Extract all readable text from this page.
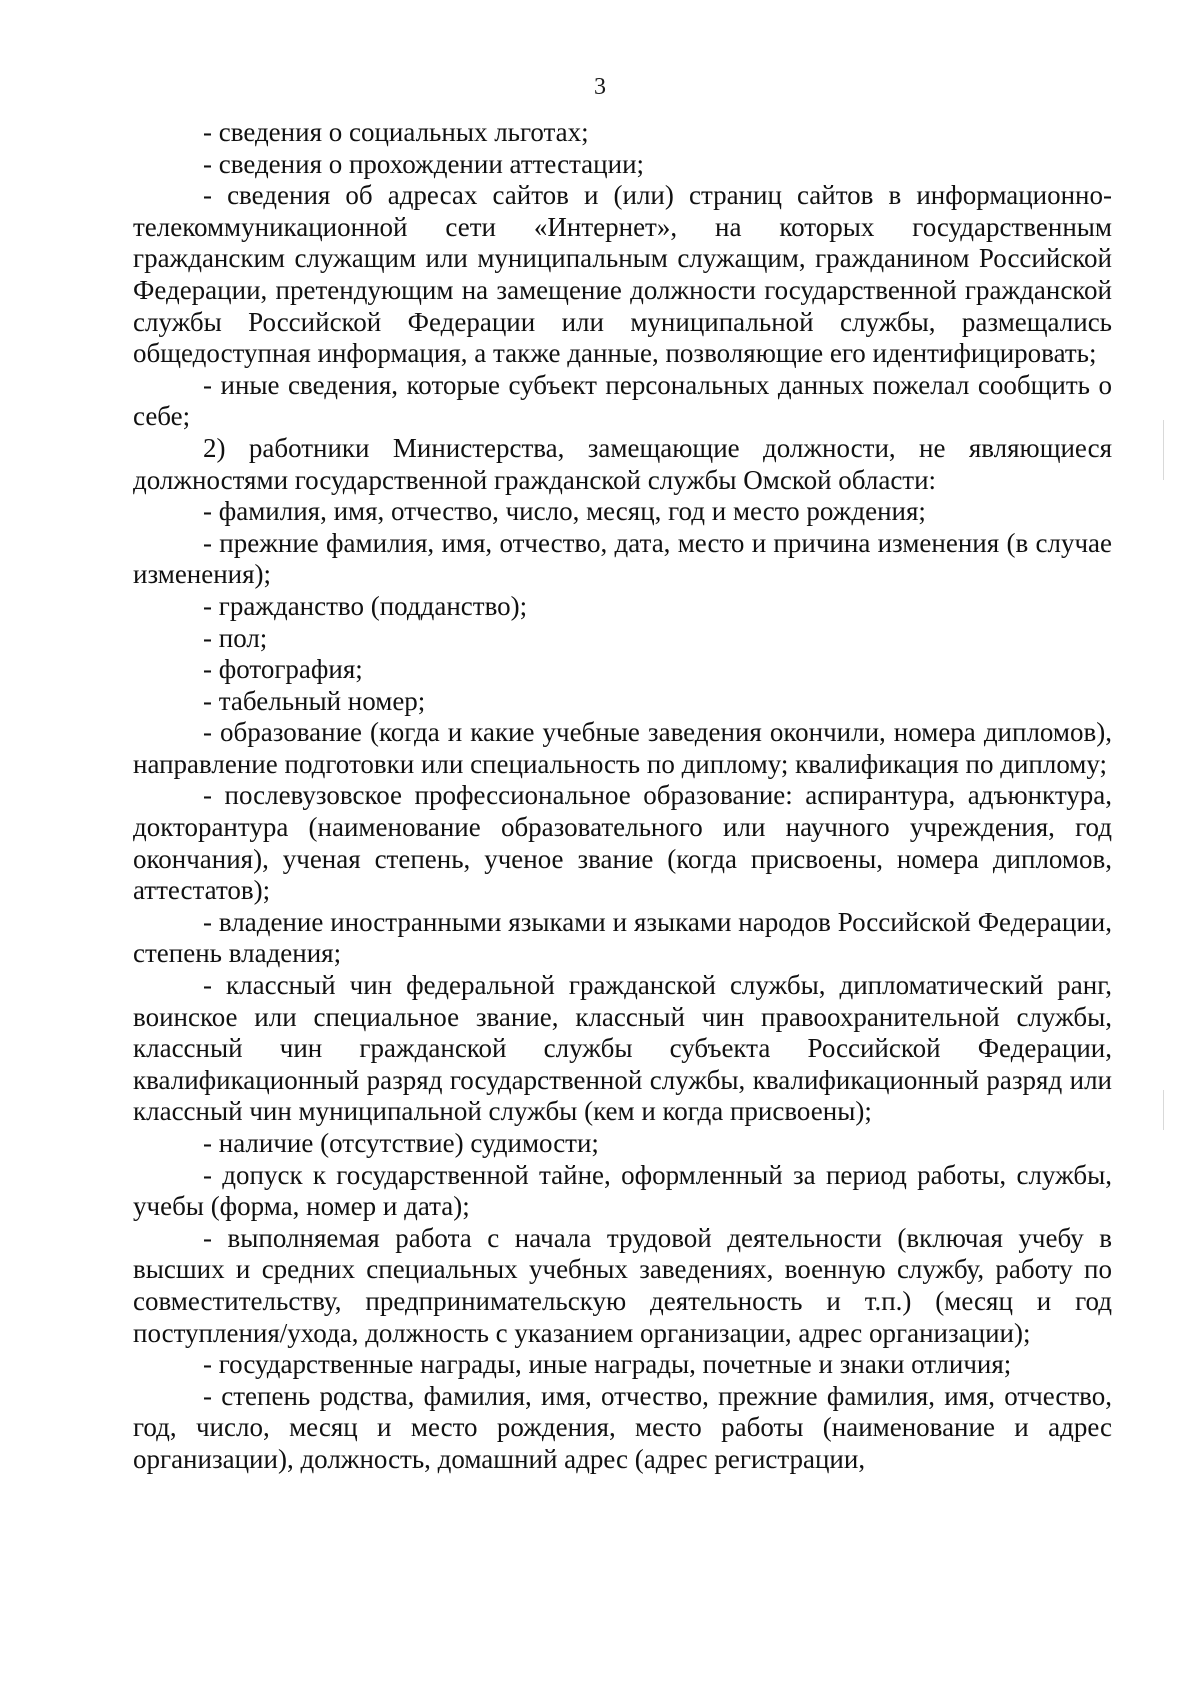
3

- сведения о социальных льготах;

- сведения о прохождении аттестации;

- сведения об адресах сайтов и (или) страниц сайтов в информационно-телекоммуникационной сети «Интернет», на которых государственным гражданским служащим или муниципальным служащим, гражданином Российской Федерации, претендующим на замещение должности государственной гражданской службы Российской Федерации или муниципальной службы, размещались общедоступная информация, а также данные, позволяющие его идентифицировать;

- иные сведения, которые субъект персональных данных пожелал сообщить о себе;

2) работники Министерства, замещающие должности, не являющиеся должностями государственной гражданской службы Омской области:

- фамилия, имя, отчество, число, месяц, год и место рождения;

- прежние фамилия, имя, отчество, дата, место и причина изменения (в случае изменения);

- гражданство (подданство);

- пол;

- фотография;

- табельный номер;

- образование (когда и какие учебные заведения окончили, номера дипломов), направление подготовки или специальность по диплому; квалификация по диплому;

- послевузовское профессиональное образование: аспирантура, адъюнктура, докторантура (наименование образовательного или научного учреждения, год окончания), ученая степень, ученое звание (когда присвоены, номера дипломов, аттестатов);

- владение иностранными языками и языками народов Российской Федерации, степень владения;

- классный чин федеральной гражданской службы, дипломатический ранг, воинское или специальное звание, классный чин правоохранительной службы, классный чин гражданской службы субъекта Российской Федерации, квалификационный разряд государственной службы, квалификационный разряд или классный чин муниципальной службы (кем и когда присвоены);

- наличие (отсутствие) судимости;

- допуск к государственной тайне, оформленный за период работы, службы, учебы (форма, номер и дата);

- выполняемая работа с начала трудовой деятельности (включая учебу в высших и средних специальных учебных заведениях, военную службу, работу по совместительству, предпринимательскую деятельность и т.п.) (месяц и год поступления/ухода, должность с указанием организации, адрес организации);

- государственные награды, иные награды, почетные и знаки отличия;

- степень родства, фамилия, имя, отчество, прежние фамилия, имя, отчество, год, число, месяц и место рождения, место работы (наименование и адрес организации), должность, домашний адрес (адрес регистрации,
